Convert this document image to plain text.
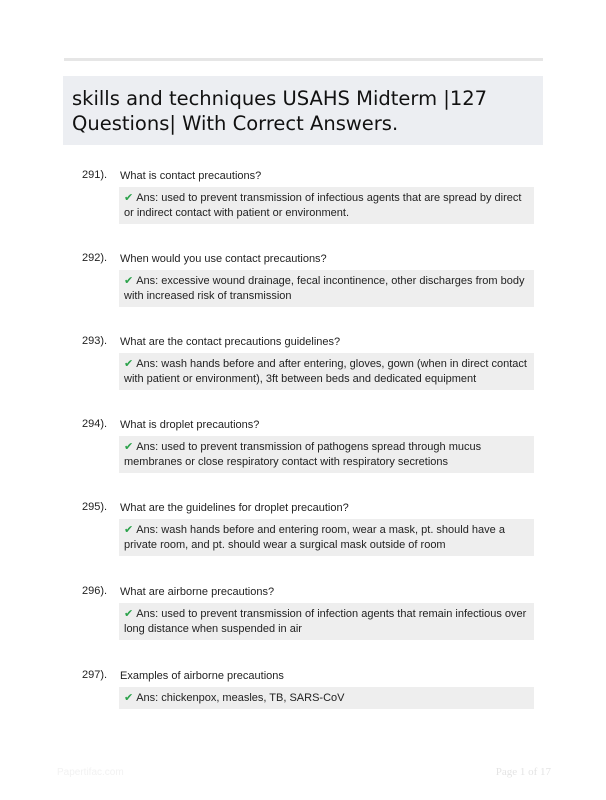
skills and techniques USAHS Midterm |127 Questions| With Correct Answers.
291). What is contact precautions?
✔ Ans: used to prevent transmission of infectious agents that are spread by direct or indirect contact with patient or environment.
292). When would you use contact precautions?
✔ Ans: excessive wound drainage, fecal incontinence, other discharges from body with increased risk of transmission
293). What are the contact precautions guidelines?
✔ Ans: wash hands before and after entering, gloves, gown (when in direct contact with patient or environment), 3ft between beds and dedicated equipment
294). What is droplet precautions?
✔ Ans: used to prevent transmission of pathogens spread through mucus membranes or close respiratory contact with respiratory secretions
295). What are the guidelines for droplet precaution?
✔ Ans: wash hands before and entering room, wear a mask, pt. should have a private room, and pt. should wear a surgical mask outside of room
296). What are airborne precautions?
✔ Ans: used to prevent transmission of infection agents that remain infectious over long distance when suspended in air
297). Examples of airborne precautions
✔ Ans: chickenpox, measles, TB, SARS-CoV
Papertifac.com	Page 1 of 17
